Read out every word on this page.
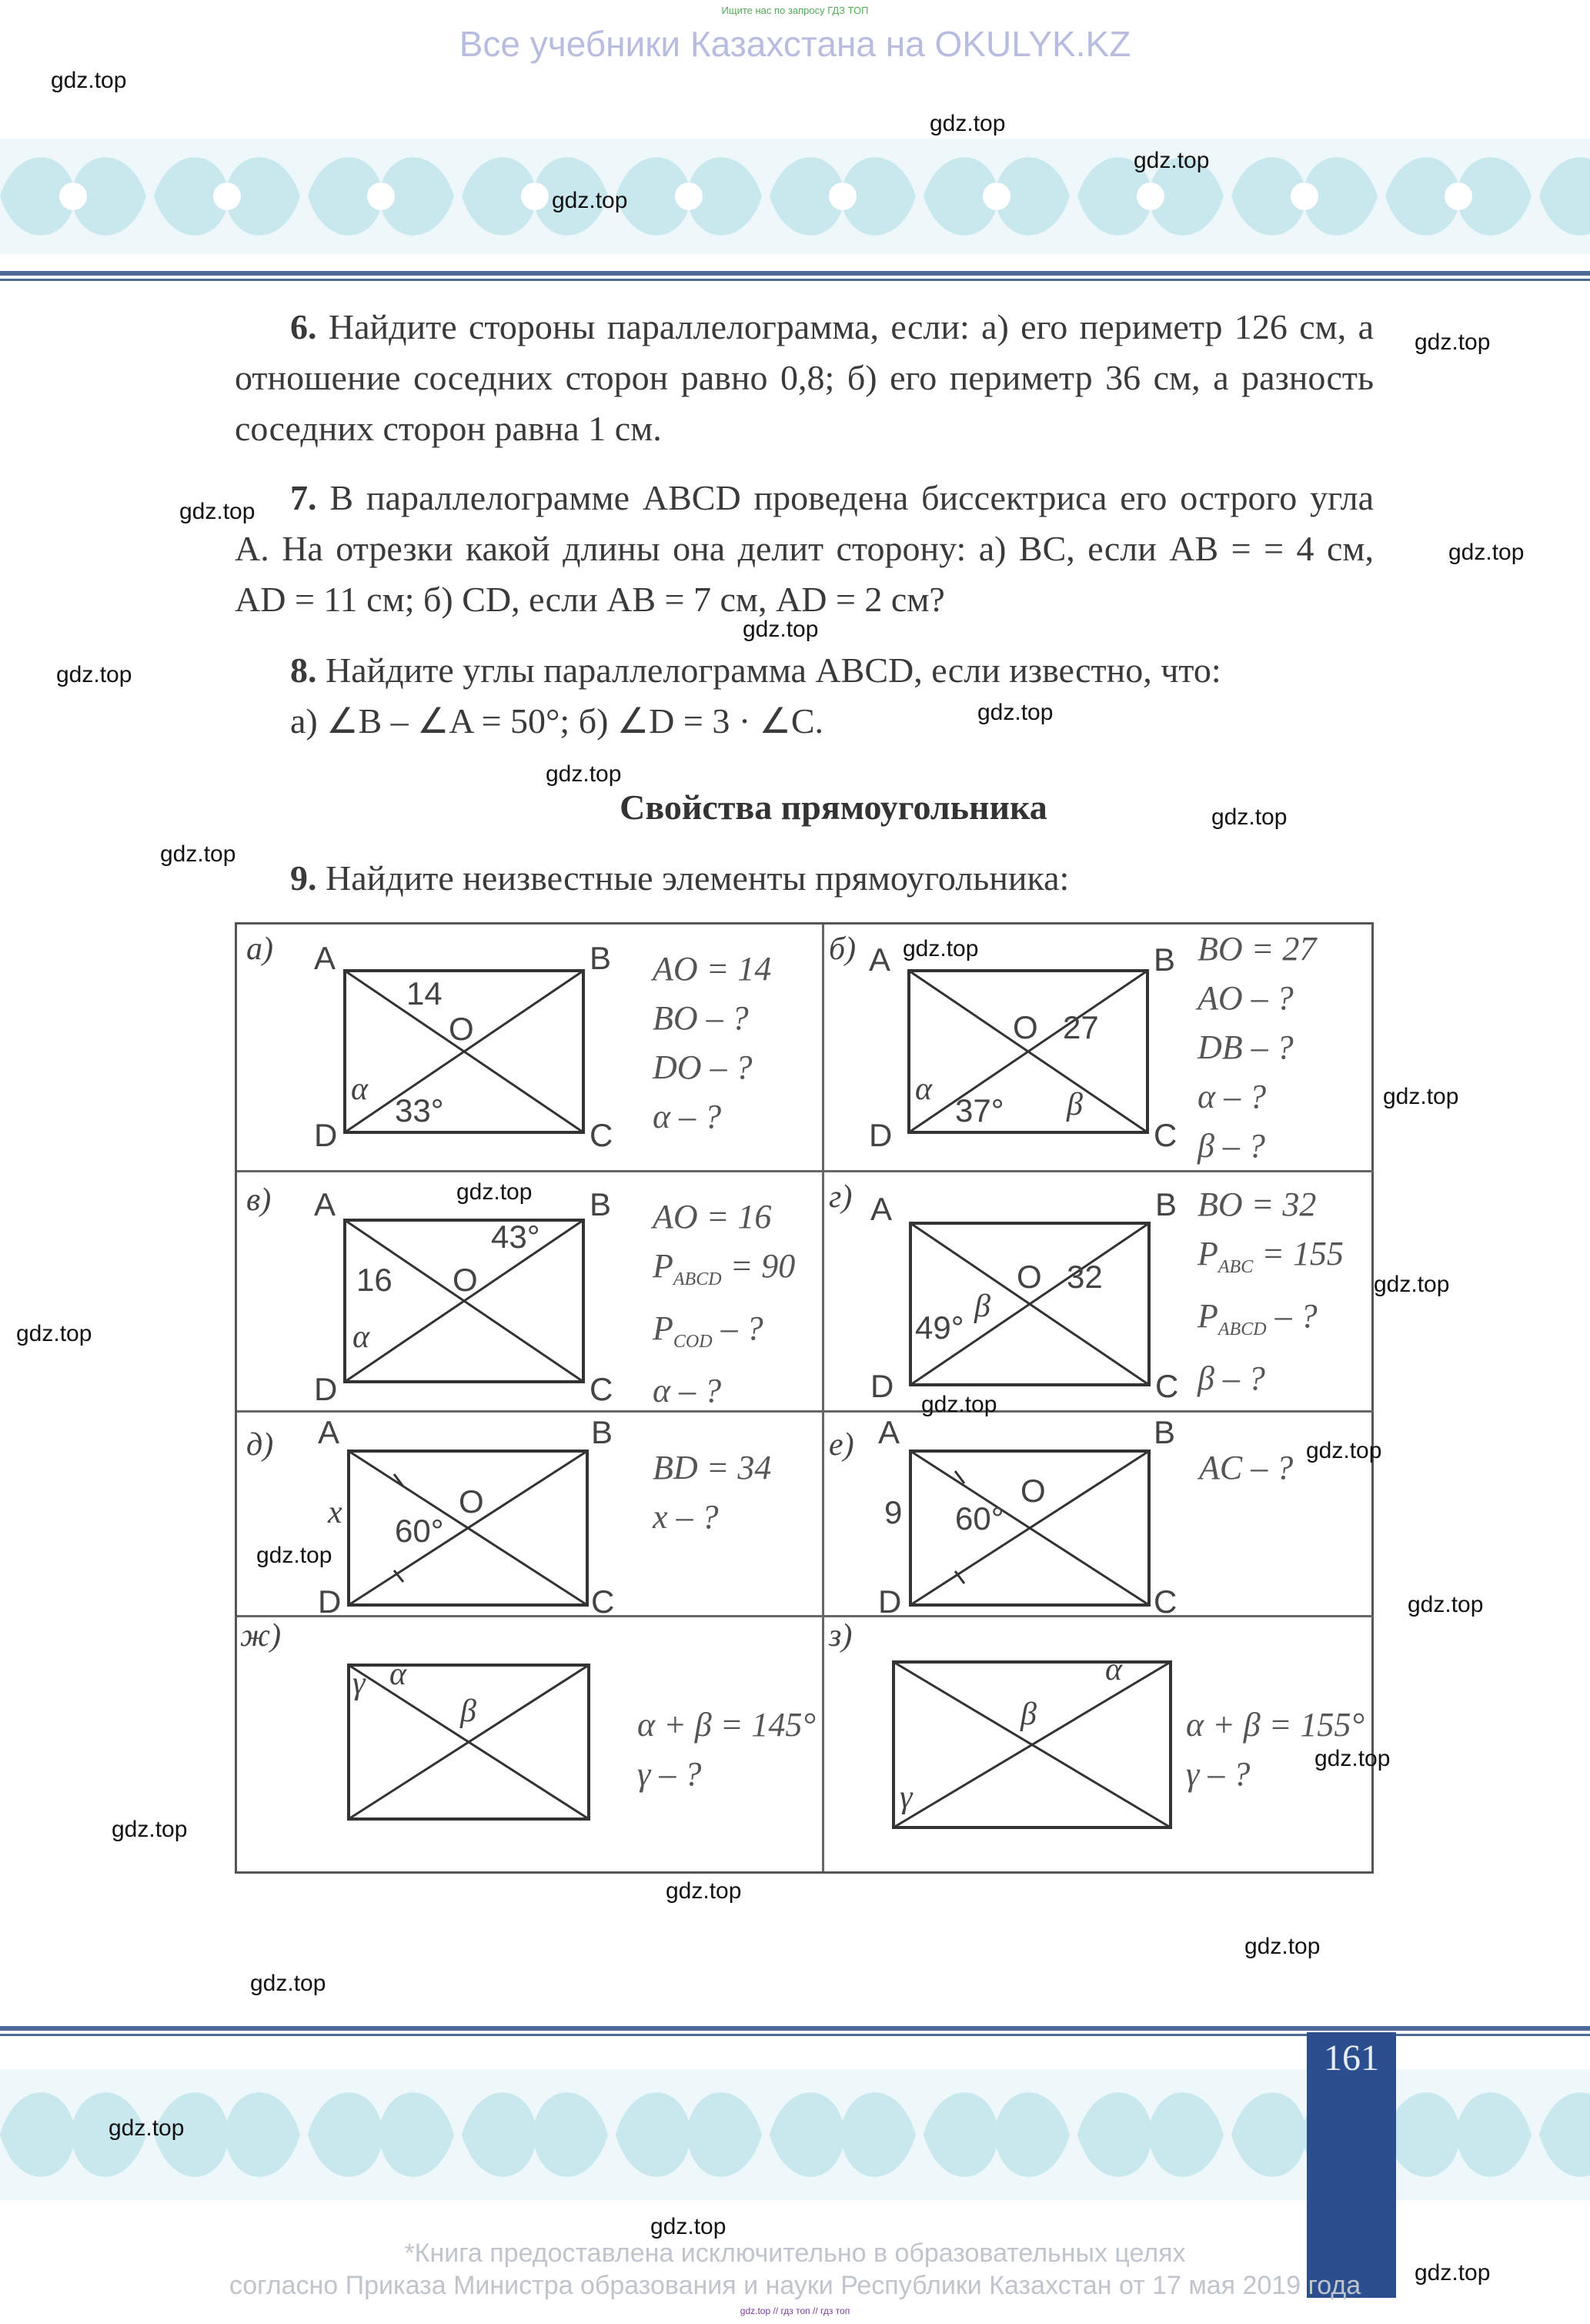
Ищите нас по запросу ГДЗ ТОП
Все учебники Казахстана на OKULYK.KZ
6. Найдите стороны параллелограмма, если: а) его периметр 126 см, а отношение соседних сторон равно 0,8; б) его периметр 36 см, а разность соседних сторон равна 1 см.
7. В параллелограмме ABCD проведена биссектриса его острого угла A. На отрезки какой длины она делит сторону: а) BC, если AB = = 4 см, AD = 11 см; б) CD, если AB = 7 см, AD = 2 см?
8. Найдите углы параллелограмма ABCD, если известно, что:
а) ∠B – ∠A = 50°; б) ∠D = 3 · ∠C.
Свойства прямоугольника
9. Найдите неизвестные элементы прямоугольника:
а) A	B
C
D
14
O
α
33°
AO = 14
BO – ?
DO – ?
α – ?
б) A	B
C
D
O 27
α
37° β
BO = 27
AO – ?
DB – ?
α – ?
β – ?
в) A	B
C
D
43°
16 O
α
AO = 16
$P_{ABCD} = 90$
$P_{COD}$ – ?
α – ?
г) A	B
C
D
β
O 32
49°
BO = 32
$P_{ABC} = 155$
$P_{ABCD}$ – ?
β – ?
д) A	B
C
D
x 60°
O
BD = 34
x – ?
е) A	B
C
D
9 60°
O
AC – ?
ж)
γ α
β	α + β = 145°
γ – ?
з)
β
α
γ
α + β = 155°
γ – ?
161
*Книга предоставлена исключительно в образовательных целях
согласно Приказа Министра образования и науки Республики Казахстан от 17 мая 2019 года
gdz.top // гдз топ // гдз топ
gdz.top
gdz.top
gdz.top
gdz.top
gdz.top
gdz.top
gdz.top
gdz.top
gdz.top
gdz.top
gdz.top
gdz.top
gdz.top
gdz.top
gdz.top
gdz.top
gdz.top
gdz.top
gdz.top
gdz.top
gdz.top
gdz.top
gdz.top
gdz.top
gdz.top
gdz.top
gdz.top
gdz.top
gdz.top
gdz.top
